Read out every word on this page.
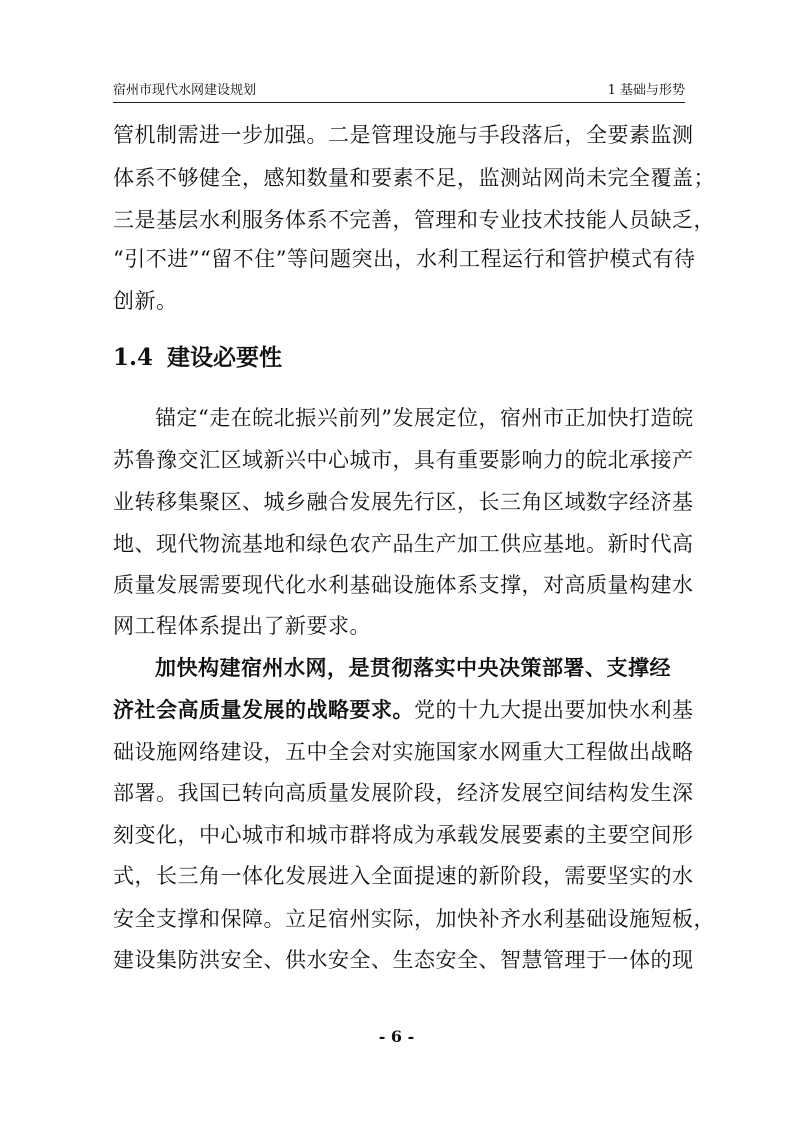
宿州市现代水网建设规划	1 基础与形势
管机制需进一步加强。二是管理设施与手段落后，全要素监测
体系不够健全，感知数量和要素不足，监测站网尚未完全覆盖；
三是基层水利服务体系不完善，管理和专业技术技能人员缺乏，
“引不进”“留不住”等问题突出，水利工程运行和管护模式有待
创新。
1.4 建设必要性
锚定“走在皖北振兴前列”发展定位，宿州市正加快打造皖
苏鲁豫交汇区域新兴中心城市，具有重要影响力的皖北承接产
业转移集聚区、城乡融合发展先行区，长三角区域数字经济基
地、现代物流基地和绿色农产品生产加工供应基地。新时代高
质量发展需要现代化水利基础设施体系支撑，对高质量构建水
网工程体系提出了新要求。
加快构建宿州水网，是贯彻落实中央决策部署、支撑经
济社会高质量发展的战略要求。党的十九大提出要加快水利基
础设施网络建设，五中全会对实施国家水网重大工程做出战略
部署。我国已转向高质量发展阶段，经济发展空间结构发生深
刻变化，中心城市和城市群将成为承载发展要素的主要空间形
式，长三角一体化发展进入全面提速的新阶段，需要坚实的水
安全支撑和保障。立足宿州实际，加快补齐水利基础设施短板，
建设集防洪安全、供水安全、生态安全、智慧管理于一体的现
- 6 -
